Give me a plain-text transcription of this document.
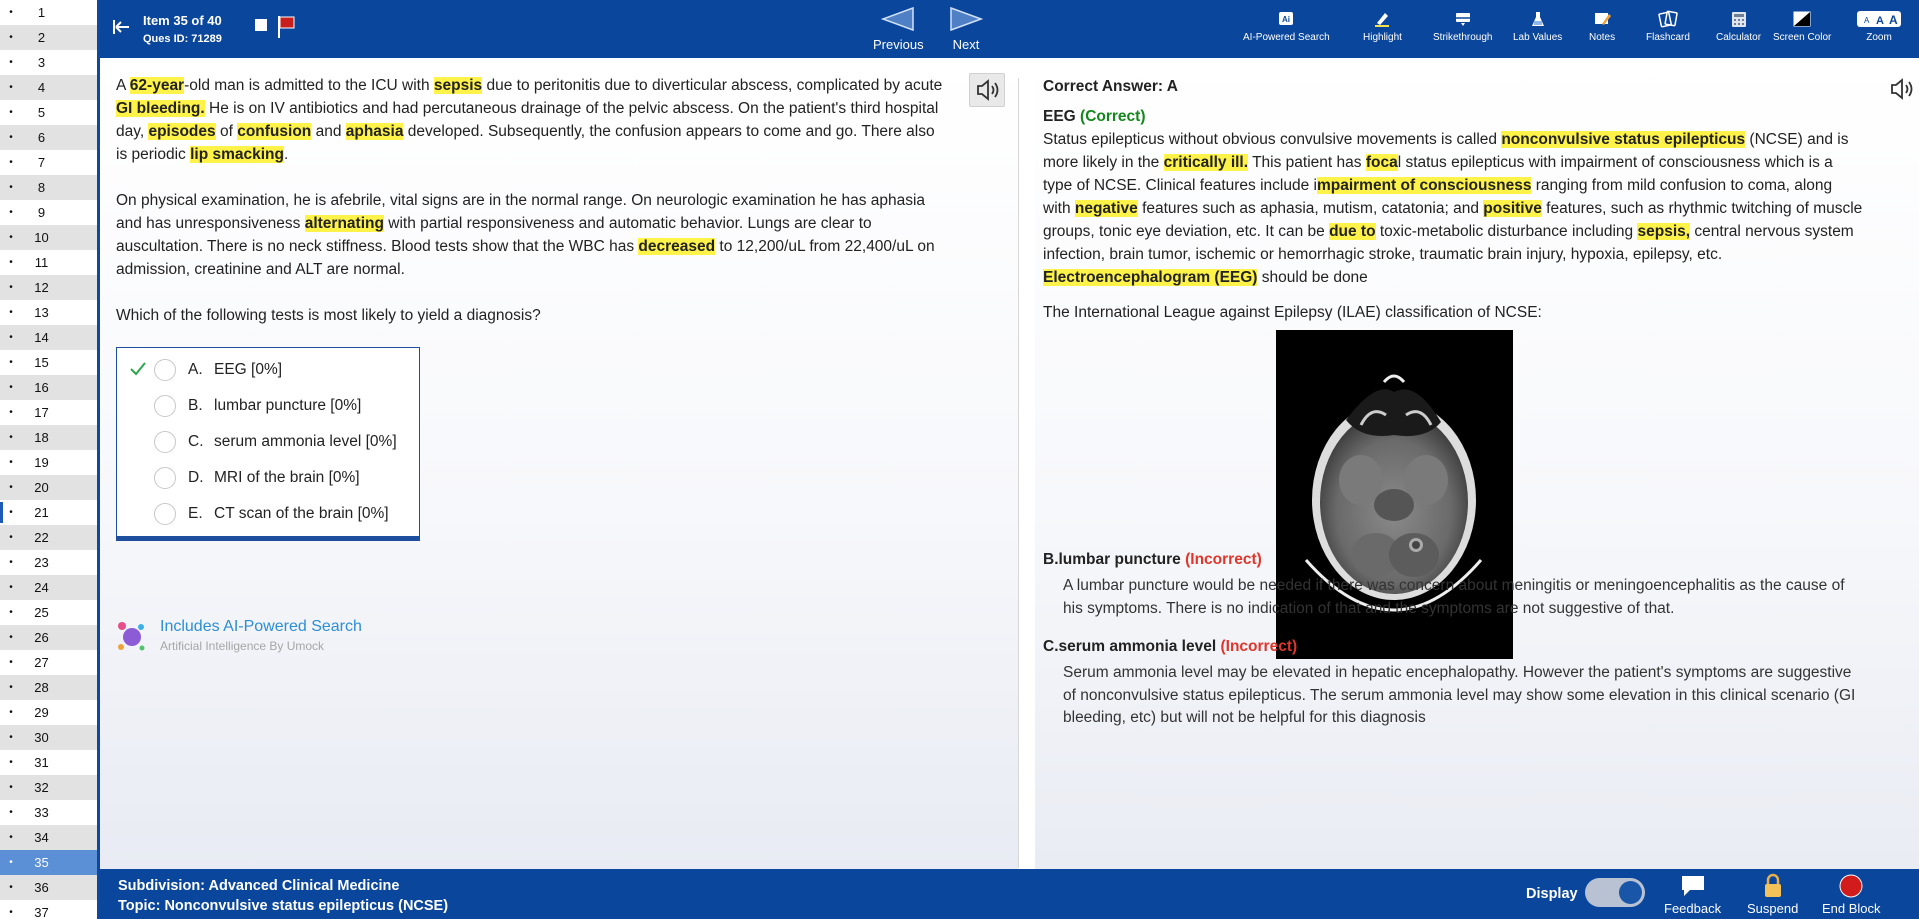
•	1
•	2
•	3
•	4
•	5
•	6
•	7
•	8
•	9
•	10
•	11
•	12
•	13
•	14
•	15
•	16
•	17
•	18
•	19
•	20
•	21
•	22
•	23
•	24
•	25
•	26
•	27
•	28
•	29
•	30
•	31
•	32
•	33
•	34
•	35
•	36
•	37
Item 35 of 40
Ques ID: 71289	Previous	Next
Ai
AI-Powered Search	Highlight	Strikethrough Lab Values	Notes	Flashcard	Calculator Screen Color
A A A
Zoom
A 62-year-old man is admitted to the ICU with sepsis due to peritonitis due to diverticular abscess, complicated by acute GI bleeding. He is on IV antibiotics and had percutaneous drainage of the pelvic abscess. On the patient's third hospital day, episodes of confusion and aphasia developed. Subsequently, the confusion appears to come and go. There also is periodic lip smacking.
On physical examination, he is afebrile, vital signs are in the normal range. On neurologic examination he has aphasia and has unresponsiveness alternating with partial responsiveness and automatic behavior. Lungs are clear to auscultation. There is no neck stiffness. Blood tests show that the WBC has decreased to 12,200/uL from 22,400/uL on admission, creatinine and ALT are normal.
Which of the following tests is most likely to yield a diagnosis?
A. EEG [0%]
B. lumbar puncture [0%]
C. serum ammonia level [0%]
D. MRI of the brain [0%]
E. CT scan of the brain [0%]
Includes AI-Powered Search
Artificial Intelligence By Umock
Correct Answer: A
EEG (Correct)
Status epilepticus without obvious convulsive movements is called nonconvulsive status epilepticus (NCSE) and is more likely in the critically ill. This patient has focal status epilepticus with impairment of consciousness which is a type of NCSE. Clinical features include impairment of consciousness ranging from mild confusion to coma, along with negative features such as aphasia, mutism, catatonia; and positive features, such as rhythmic twitching of muscle groups, tonic eye deviation, etc. It can be due to toxic-metabolic disturbance including sepsis, central nervous system infection, brain tumor, ischemic or hemorrhagic stroke, traumatic brain injury, hypoxia, epilepsy, etc. Electroencephalogram (EEG) should be done
The International League against Epilepsy (ILAE) classification of NCSE:
B.lumbar puncture (Incorrect)
A lumbar puncture would be needed if there was concern about meningitis or meningoencephalitis as the cause of his symptoms. There is no indication of that and the symptoms are not suggestive of that.
C.serum ammonia level (Incorrect)
Serum ammonia level may be elevated in hepatic encephalopathy. However the patient's symptoms are suggestive of nonconvulsive status epilepticus. The serum ammonia level may show some elevation in this clinical scenario (GI bleeding, etc) but will not be helpful for this diagnosis
Subdivision: Advanced Clinical Medicine
Topic: Nonconvulsive status epilepticus (NCSE)
Display
Feedback Suspend End Block
